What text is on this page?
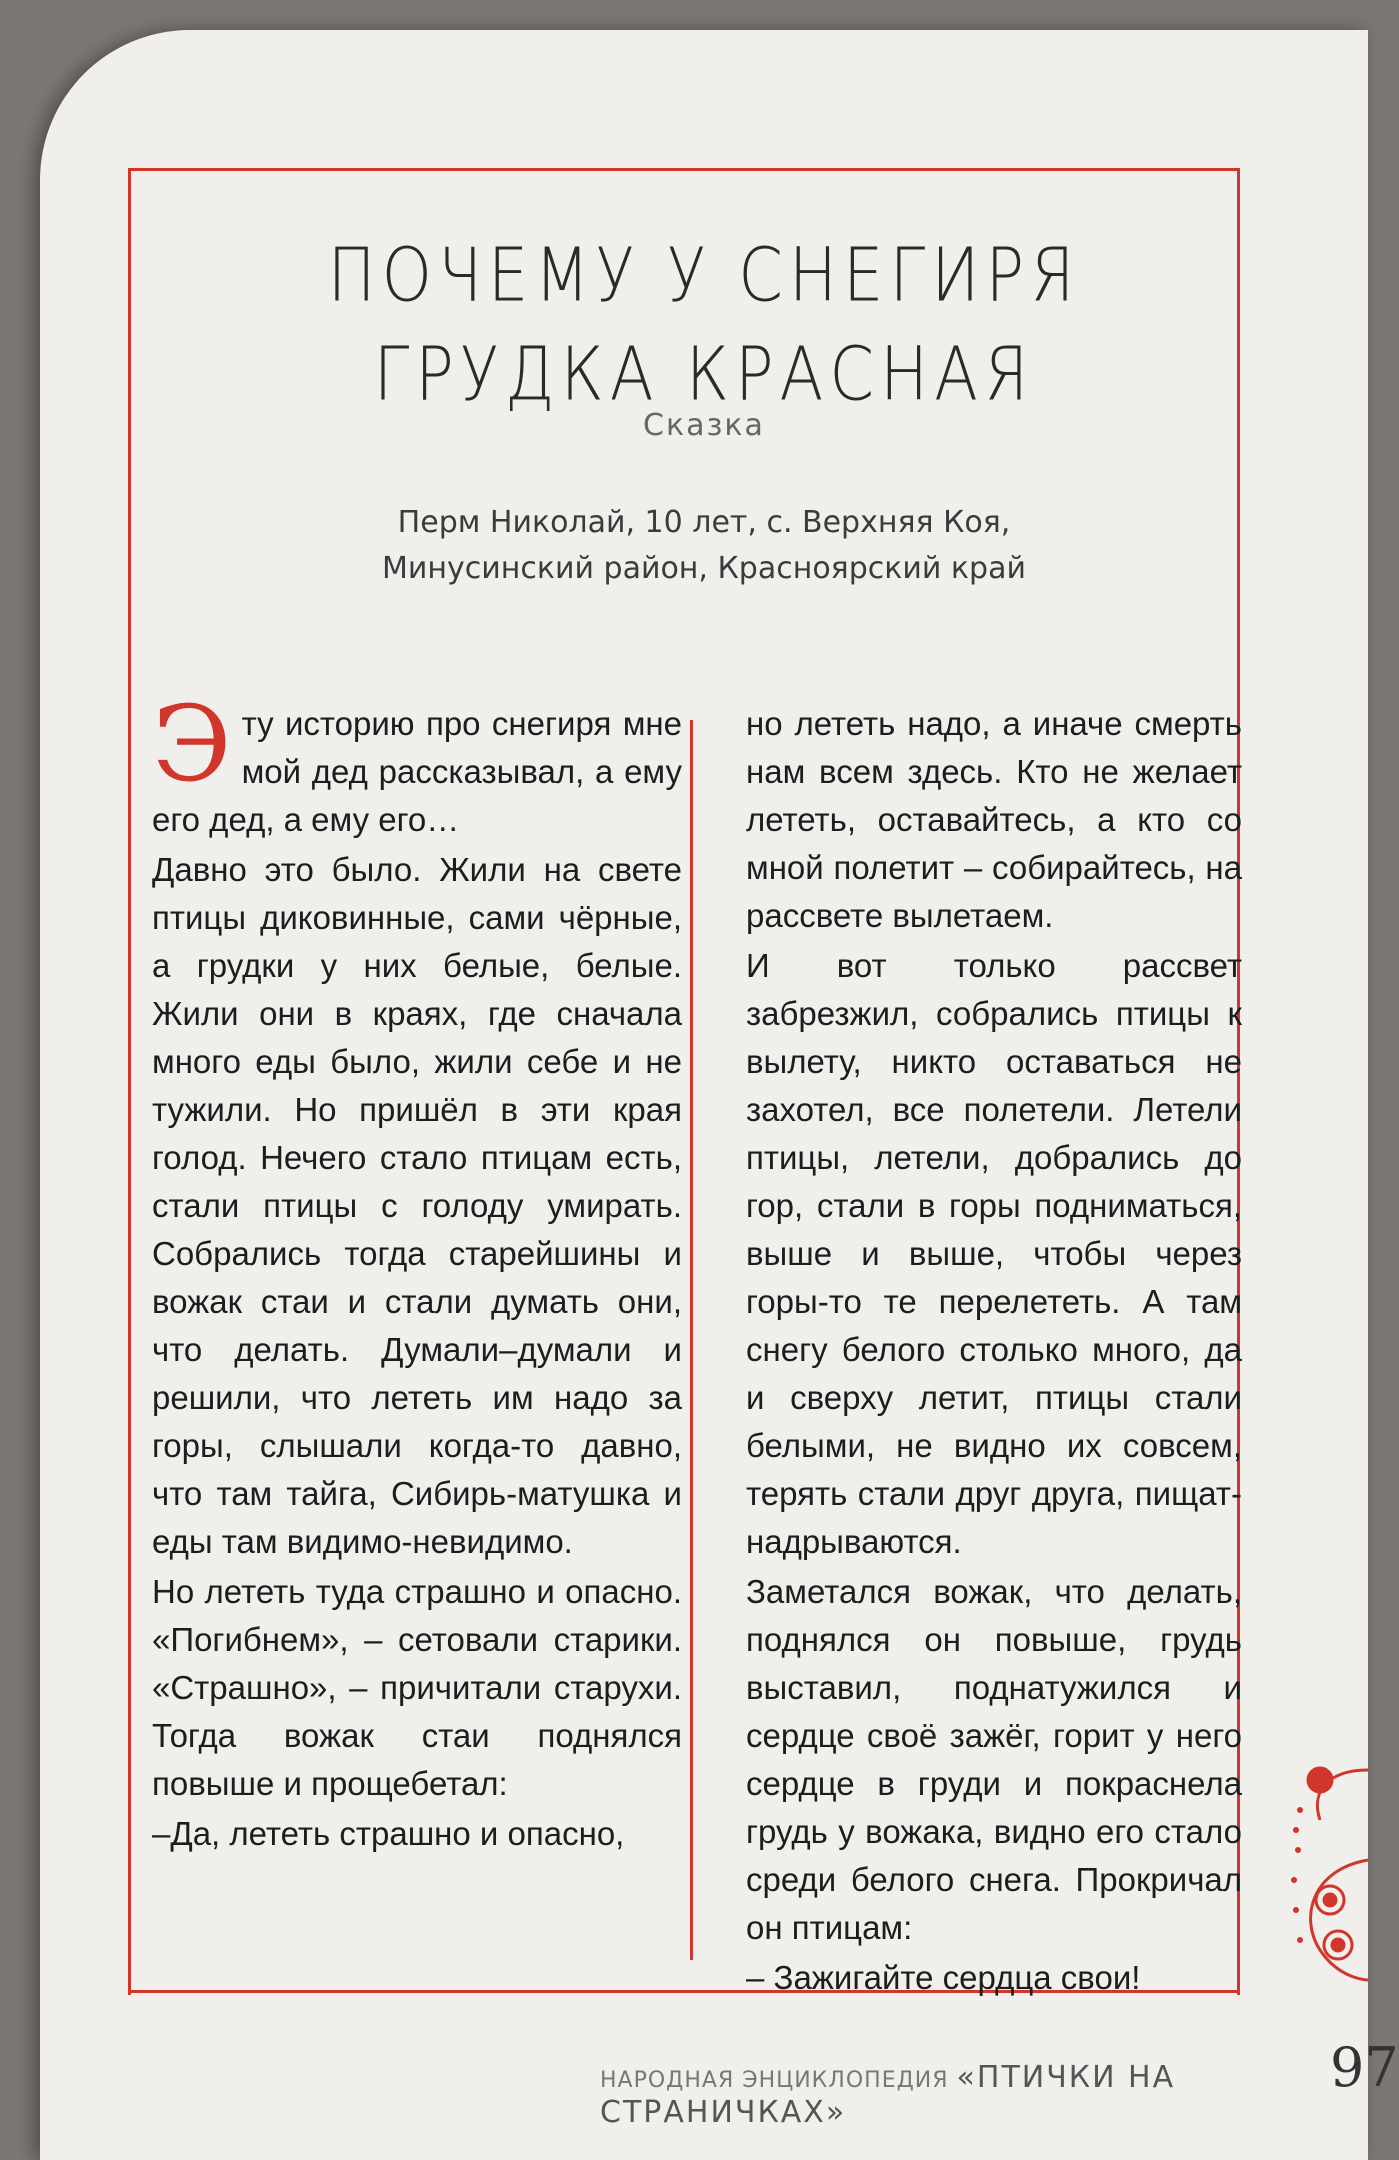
ПОЧЕМУ У СНЕГИРЯ
ГРУДКА КРАСНАЯ
Сказка
Перм Николай, 10 лет, с. Верхняя Коя,
Минусинский район, Красноярский край

Эту историю про снегиря мне мой дед рассказывал, а ему его дед, а ему его…

Давно это было. Жили на свете птицы диковинные, сами чёрные, а грудки у них белые, белые. Жили они в краях, где сначала много еды было, жили себе и не тужили. Но пришёл в эти края голод. Нечего стало птицам есть, стали птицы с голоду умирать. Собрались тогда старейшины и вожак стаи и стали думать они, что делать. Думали–думали и решили, что лететь им надо за горы, слышали когда-то давно, что там тайга, Сибирь-матушка и еды там видимо-невидимо.

Но лететь туда страшно и опасно. «Погибнем», – сетовали старики. «Страшно», – причитали старухи. Тогда вожак стаи поднялся повыше и прощебетал:

–Да, лететь страшно и опасно,

но лететь надо, а иначе смерть нам всем здесь. Кто не желает лететь, оставайтесь, а кто со мной полетит – собирайтесь, на рассвете вылетаем.

И вот только рассвет забрезжил, собрались птицы к вылету, никто оставаться не захотел, все полетели. Летели птицы, летели, добрались до гор, стали в горы подниматься, выше и выше, чтобы через горы-то те перелететь. А там снегу белого столько много, да и сверху летит, птицы стали белыми, не видно их совсем, терять стали друг друга, пищат-надрываются.

Заметался вожак, что делать, поднялся он повыше, грудь выставил, поднатужился и сердце своё зажёг, горит у него сердце в груди и покраснела грудь у вожака, видно его стало среди белого снега. Прокричал он птицам:

– Зажигайте сердца свои!

НАРОДНАЯ ЭНЦИКЛОПЕДИЯ «ПТИЧКИ НА СТРАНИЧКАХ»
97
